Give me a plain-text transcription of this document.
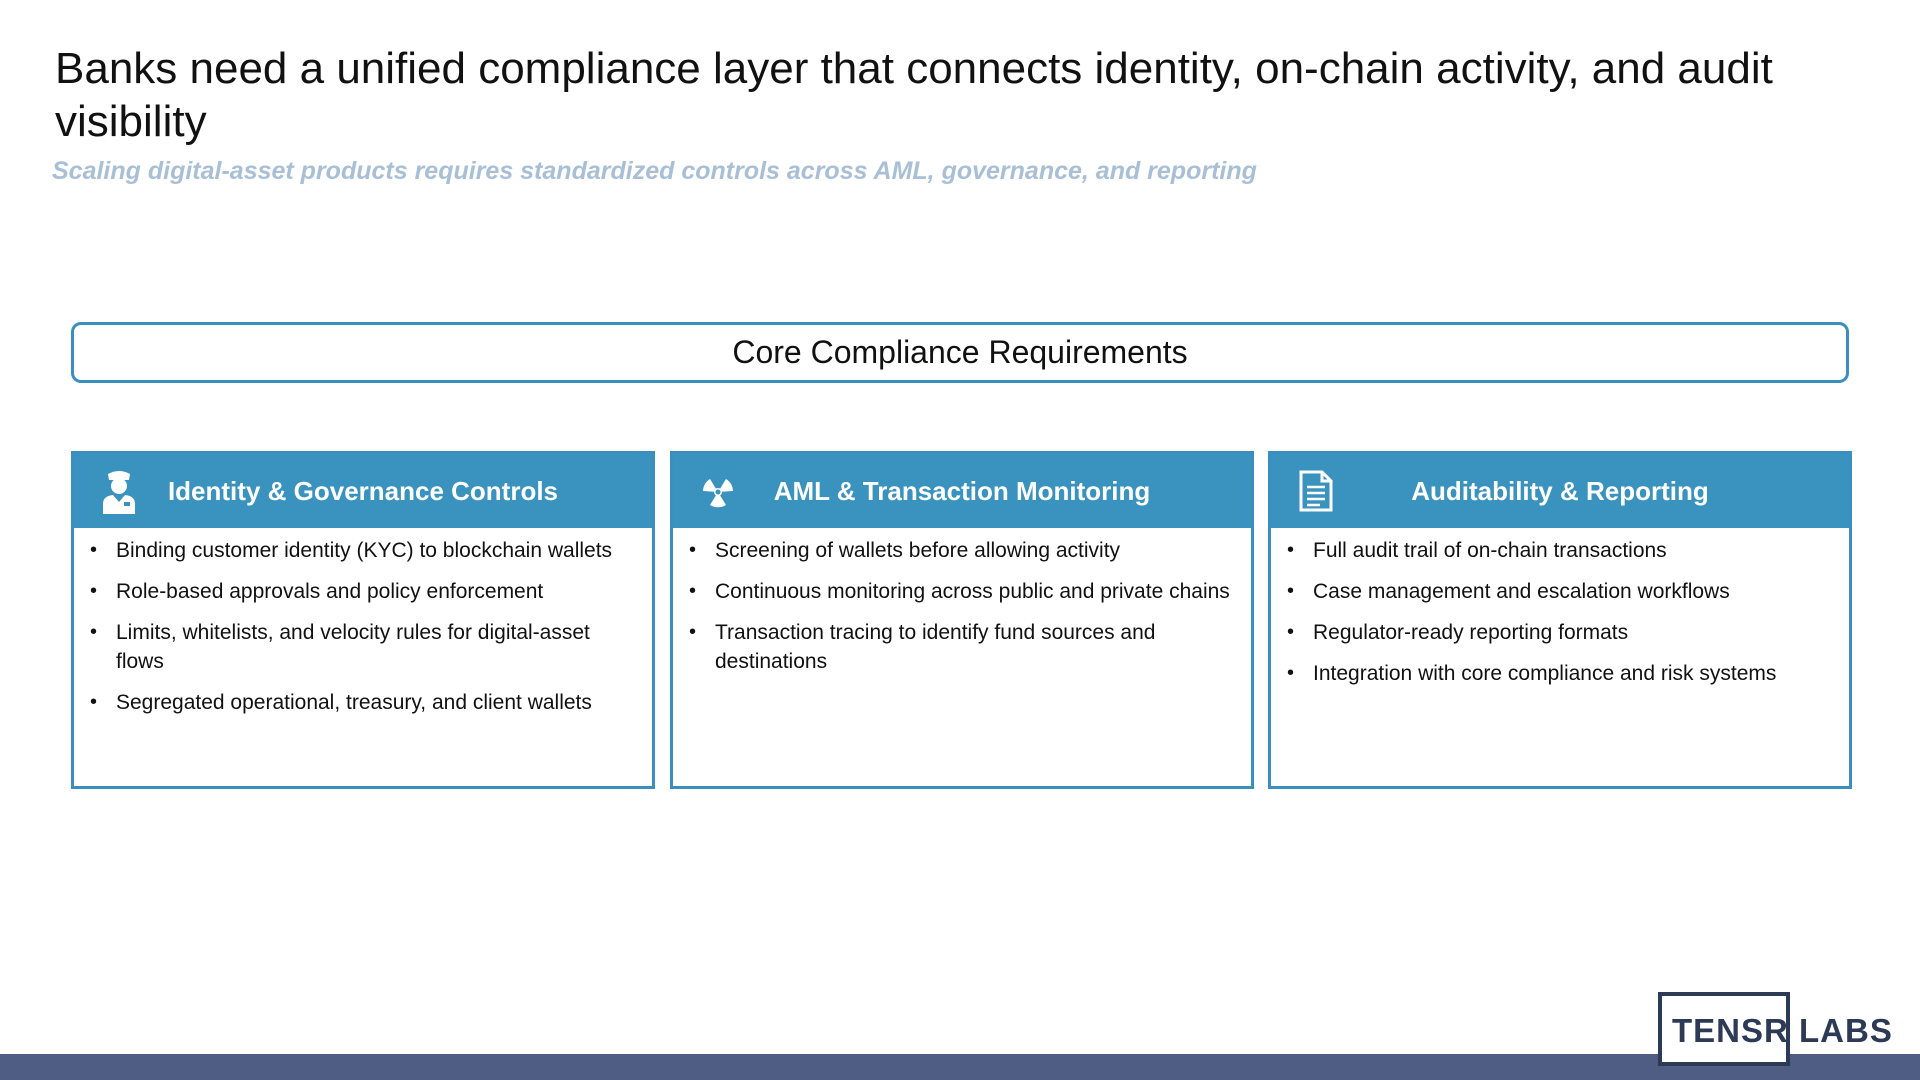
Banks need a unified compliance layer that connects identity, on-chain activity, and audit visibility
Scaling digital-asset products requires standardized controls across AML, governance, and reporting
Core Compliance Requirements
Identity & Governance Controls
• Binding customer identity (KYC) to blockchain wallets
• Role-based approvals and policy enforcement
• Limits, whitelists, and velocity rules for digital-asset flows
• Segregated operational, treasury, and client wallets
AML & Transaction Monitoring
• Screening of wallets before allowing activity
• Continuous monitoring across public and private chains
• Transaction tracing to identify fund sources and destinations
Auditability & Reporting
• Full audit trail of on-chain transactions
• Case management and escalation workflows
• Regulator-ready reporting formats
• Integration with core compliance and risk systems
TENSR LABS
